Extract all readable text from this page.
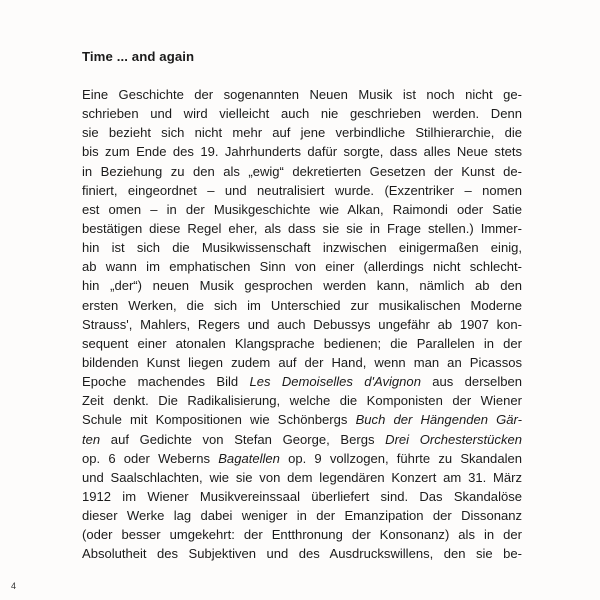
Time ... and again
Eine Geschichte der sogenannten Neuen Musik ist noch nicht ge-
schrieben und wird vielleicht auch nie geschrieben werden. Denn
sie bezieht sich nicht mehr auf jene verbindliche Stilhierarchie, die
bis zum Ende des 19. Jahrhunderts dafür sorgte, dass alles Neue stets
in Beziehung zu den als „ewig“ dekretierten Gesetzen der Kunst de-
finiert, eingeordnet – und neutralisiert wurde. (Exzentriker – nomen
est omen – in der Musikgeschichte wie Alkan, Raimondi oder Satie
bestätigen diese Regel eher, als dass sie sie in Frage stellen.) Immer-
hin ist sich die Musikwissenschaft inzwischen einigermaßen einig,
ab wann im emphatischen Sinn von einer (allerdings nicht schlecht-
hin „der“) neuen Musik gesprochen werden kann, nämlich ab den
ersten Werken, die sich im Unterschied zur musikalischen Moderne
Strauss', Mahlers, Regers und auch Debussys ungefähr ab 1907 kon-
sequent einer atonalen Klangsprache bedienen; die Parallelen in der
bildenden Kunst liegen zudem auf der Hand, wenn man an Picassos
Epoche machendes Bild Les Demoiselles d'Avignon aus derselben
Zeit denkt. Die Radikalisierung, welche die Komponisten der Wiener
Schule mit Kompositionen wie Schönbergs Buch der Hängenden Gär-
ten auf Gedichte von Stefan George, Bergs Drei Orchesterstücken
op. 6 oder Weberns Bagatellen op. 9 vollzogen, führte zu Skandalen
und Saalschlachten, wie sie von dem legendären Konzert am 31. März
1912 im Wiener Musikvereinssaal überliefert sind. Das Skandalöse
dieser Werke lag dabei weniger in der Emanzipation der Dissonanz
(oder besser umgekehrt: der Entthronung der Konsonanz) als in der
Absolutheit des Subjektiven und des Ausdruckswillens, den sie be-
4
